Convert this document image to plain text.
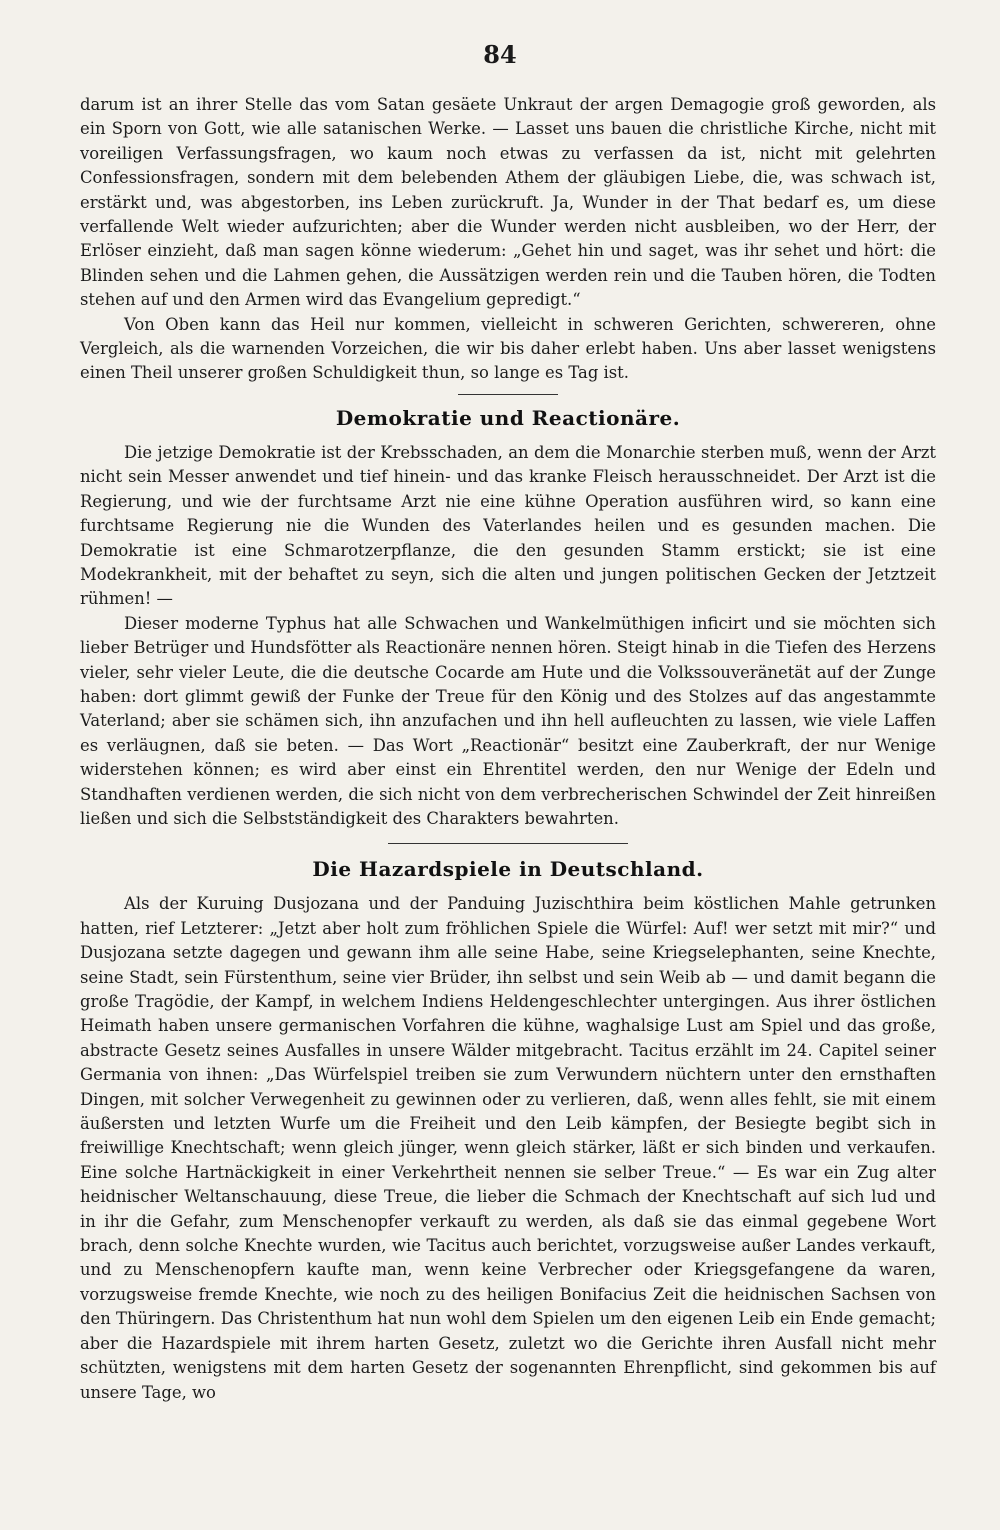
84

darum ist an ihrer Stelle das vom Satan gesäete Unkraut der argen Demagogie groß geworden, als ein Sporn von Gott, wie alle satanischen Werke. — Lasset uns bauen die christliche Kirche, nicht mit voreiligen Verfassungsfragen, wo kaum noch etwas zu verfassen da ist, nicht mit gelehrten Confessionsfragen, sondern mit dem belebenden Athem der gläubigen Liebe, die, was schwach ist, erstärkt und, was abgestorben, ins Leben zurückruft. Ja, Wunder in der That bedarf es, um diese verfallende Welt wieder aufzurichten; aber die Wunder werden nicht ausbleiben, wo der Herr, der Erlöser einzieht, daß man sagen könne wiederum: „Gehet hin und saget, was ihr sehet und hört: die Blinden sehen und die Lahmen gehen, die Aussätzigen werden rein und die Tauben hören, die Todten stehen auf und den Armen wird das Evangelium gepredigt.“

Von Oben kann das Heil nur kommen, vielleicht in schweren Gerichten, schwereren, ohne Vergleich, als die warnenden Vorzeichen, die wir bis daher erlebt haben. Uns aber lasset wenigstens einen Theil unserer großen Schuldigkeit thun, so lange es Tag ist.

Demokratie und Reactionäre.

Die jetzige Demokratie ist der Krebsschaden, an dem die Monarchie sterben muß, wenn der Arzt nicht sein Messer anwendet und tief hinein- und das kranke Fleisch herausschneidet. Der Arzt ist die Regierung, und wie der furchtsame Arzt nie eine kühne Operation ausführen wird, so kann eine furchtsame Regierung nie die Wunden des Vaterlandes heilen und es gesunden machen. Die Demokratie ist eine Schmarotzerpflanze, die den gesunden Stamm erstickt; sie ist eine Modekrankheit, mit der behaftet zu seyn, sich die alten und jungen politischen Gecken der Jetztzeit rühmen! —

Dieser moderne Typhus hat alle Schwachen und Wankelmüthigen inficirt und sie möchten sich lieber Betrüger und Hundsfötter als Reactionäre nennen hören. Steigt hinab in die Tiefen des Herzens vieler, sehr vieler Leute, die die deutsche Cocarde am Hute und die Volkssouveränetät auf der Zunge haben: dort glimmt gewiß der Funke der Treue für den König und des Stolzes auf das angestammte Vaterland; aber sie schämen sich, ihn anzufachen und ihn hell aufleuchten zu lassen, wie viele Laffen es verläugnen, daß sie beten. — Das Wort „Reactionär“ besitzt eine Zauberkraft, der nur Wenige widerstehen können; es wird aber einst ein Ehrentitel werden, den nur Wenige der Edeln und Standhaften verdienen werden, die sich nicht von dem verbrecherischen Schwindel der Zeit hinreißen ließen und sich die Selbstständigkeit des Charakters bewahrten.

Die Hazardspiele in Deutschland.

Als der Kuruing Dusjozana und der Panduing Juzischthira beim köstlichen Mahle getrunken hatten, rief Letzterer: „Jetzt aber holt zum fröhlichen Spiele die Würfel: Auf! wer setzt mit mir?“ und Dusjozana setzte dagegen und gewann ihm alle seine Habe, seine Kriegselephanten, seine Knechte, seine Stadt, sein Fürstenthum, seine vier Brüder, ihn selbst und sein Weib ab — und damit begann die große Tragödie, der Kampf, in welchem Indiens Heldengeschlechter untergingen. Aus ihrer östlichen Heimath haben unsere germanischen Vorfahren die kühne, waghalsige Lust am Spiel und das große, abstracte Gesetz seines Ausfalles in unsere Wälder mitgebracht. Tacitus erzählt im 24. Capitel seiner Germania von ihnen: „Das Würfelspiel treiben sie zum Verwundern nüchtern unter den ernsthaften Dingen, mit solcher Verwegenheit zu gewinnen oder zu verlieren, daß, wenn alles fehlt, sie mit einem äußersten und letzten Wurfe um die Freiheit und den Leib kämpfen, der Besiegte begibt sich in freiwillige Knechtschaft; wenn gleich jünger, wenn gleich stärker, läßt er sich binden und verkaufen. Eine solche Hartnäckigkeit in einer Verkehrtheit nennen sie selber Treue.“ — Es war ein Zug alter heidnischer Weltanschauung, diese Treue, die lieber die Schmach der Knechtschaft auf sich lud und in ihr die Gefahr, zum Menschenopfer verkauft zu werden, als daß sie das einmal gegebene Wort brach, denn solche Knechte wurden, wie Tacitus auch berichtet, vorzugsweise außer Landes verkauft, und zu Menschenopfern kaufte man, wenn keine Verbrecher oder Kriegsgefangene da waren, vorzugsweise fremde Knechte, wie noch zu des heiligen Bonifacius Zeit die heidnischen Sachsen von den Thüringern. Das Christenthum hat nun wohl dem Spielen um den eigenen Leib ein Ende gemacht; aber die Hazardspiele mit ihrem harten Gesetz, zuletzt wo die Gerichte ihren Ausfall nicht mehr schützten, wenigstens mit dem harten Gesetz der sogenannten Ehrenpflicht, sind gekommen bis auf unsere Tage, wo
